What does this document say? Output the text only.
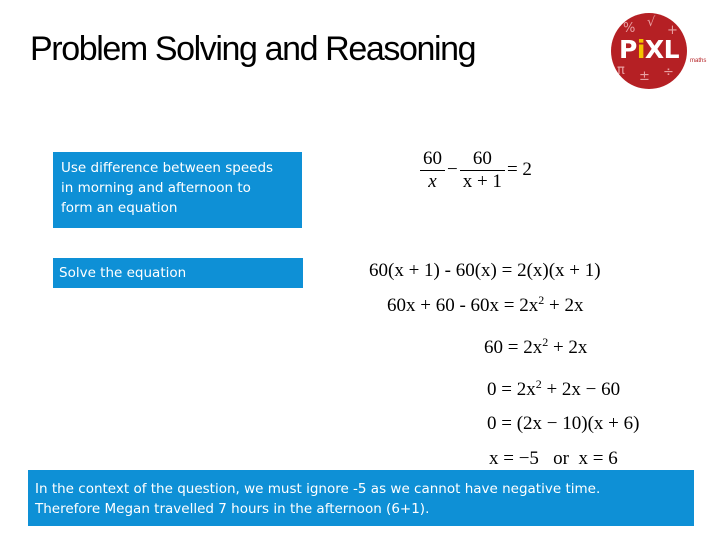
Problem Solving and Reasoning
% √
+
π ± ÷
PiXL	maths
Use difference between speeds
in morning and afternoon to
form an equation
Solve the equation
$\frac{60}{x} - \frac{60}{x + 1} = 2$
60(x + 1) - 60(x) = 2(x)(x + 1)
$60x + 60 - 60x = 2x^2 + 2x$
$60 = 2x^2 + 2x$
$0 = 2x^2 + 2x - 60$
0 = (2x − 10)(x + 6)
x = −5   or  x = 6
In the context of the question, we must ignore -5 as we cannot have negative time.
Therefore Megan travelled 7 hours in the afternoon (6+1).
